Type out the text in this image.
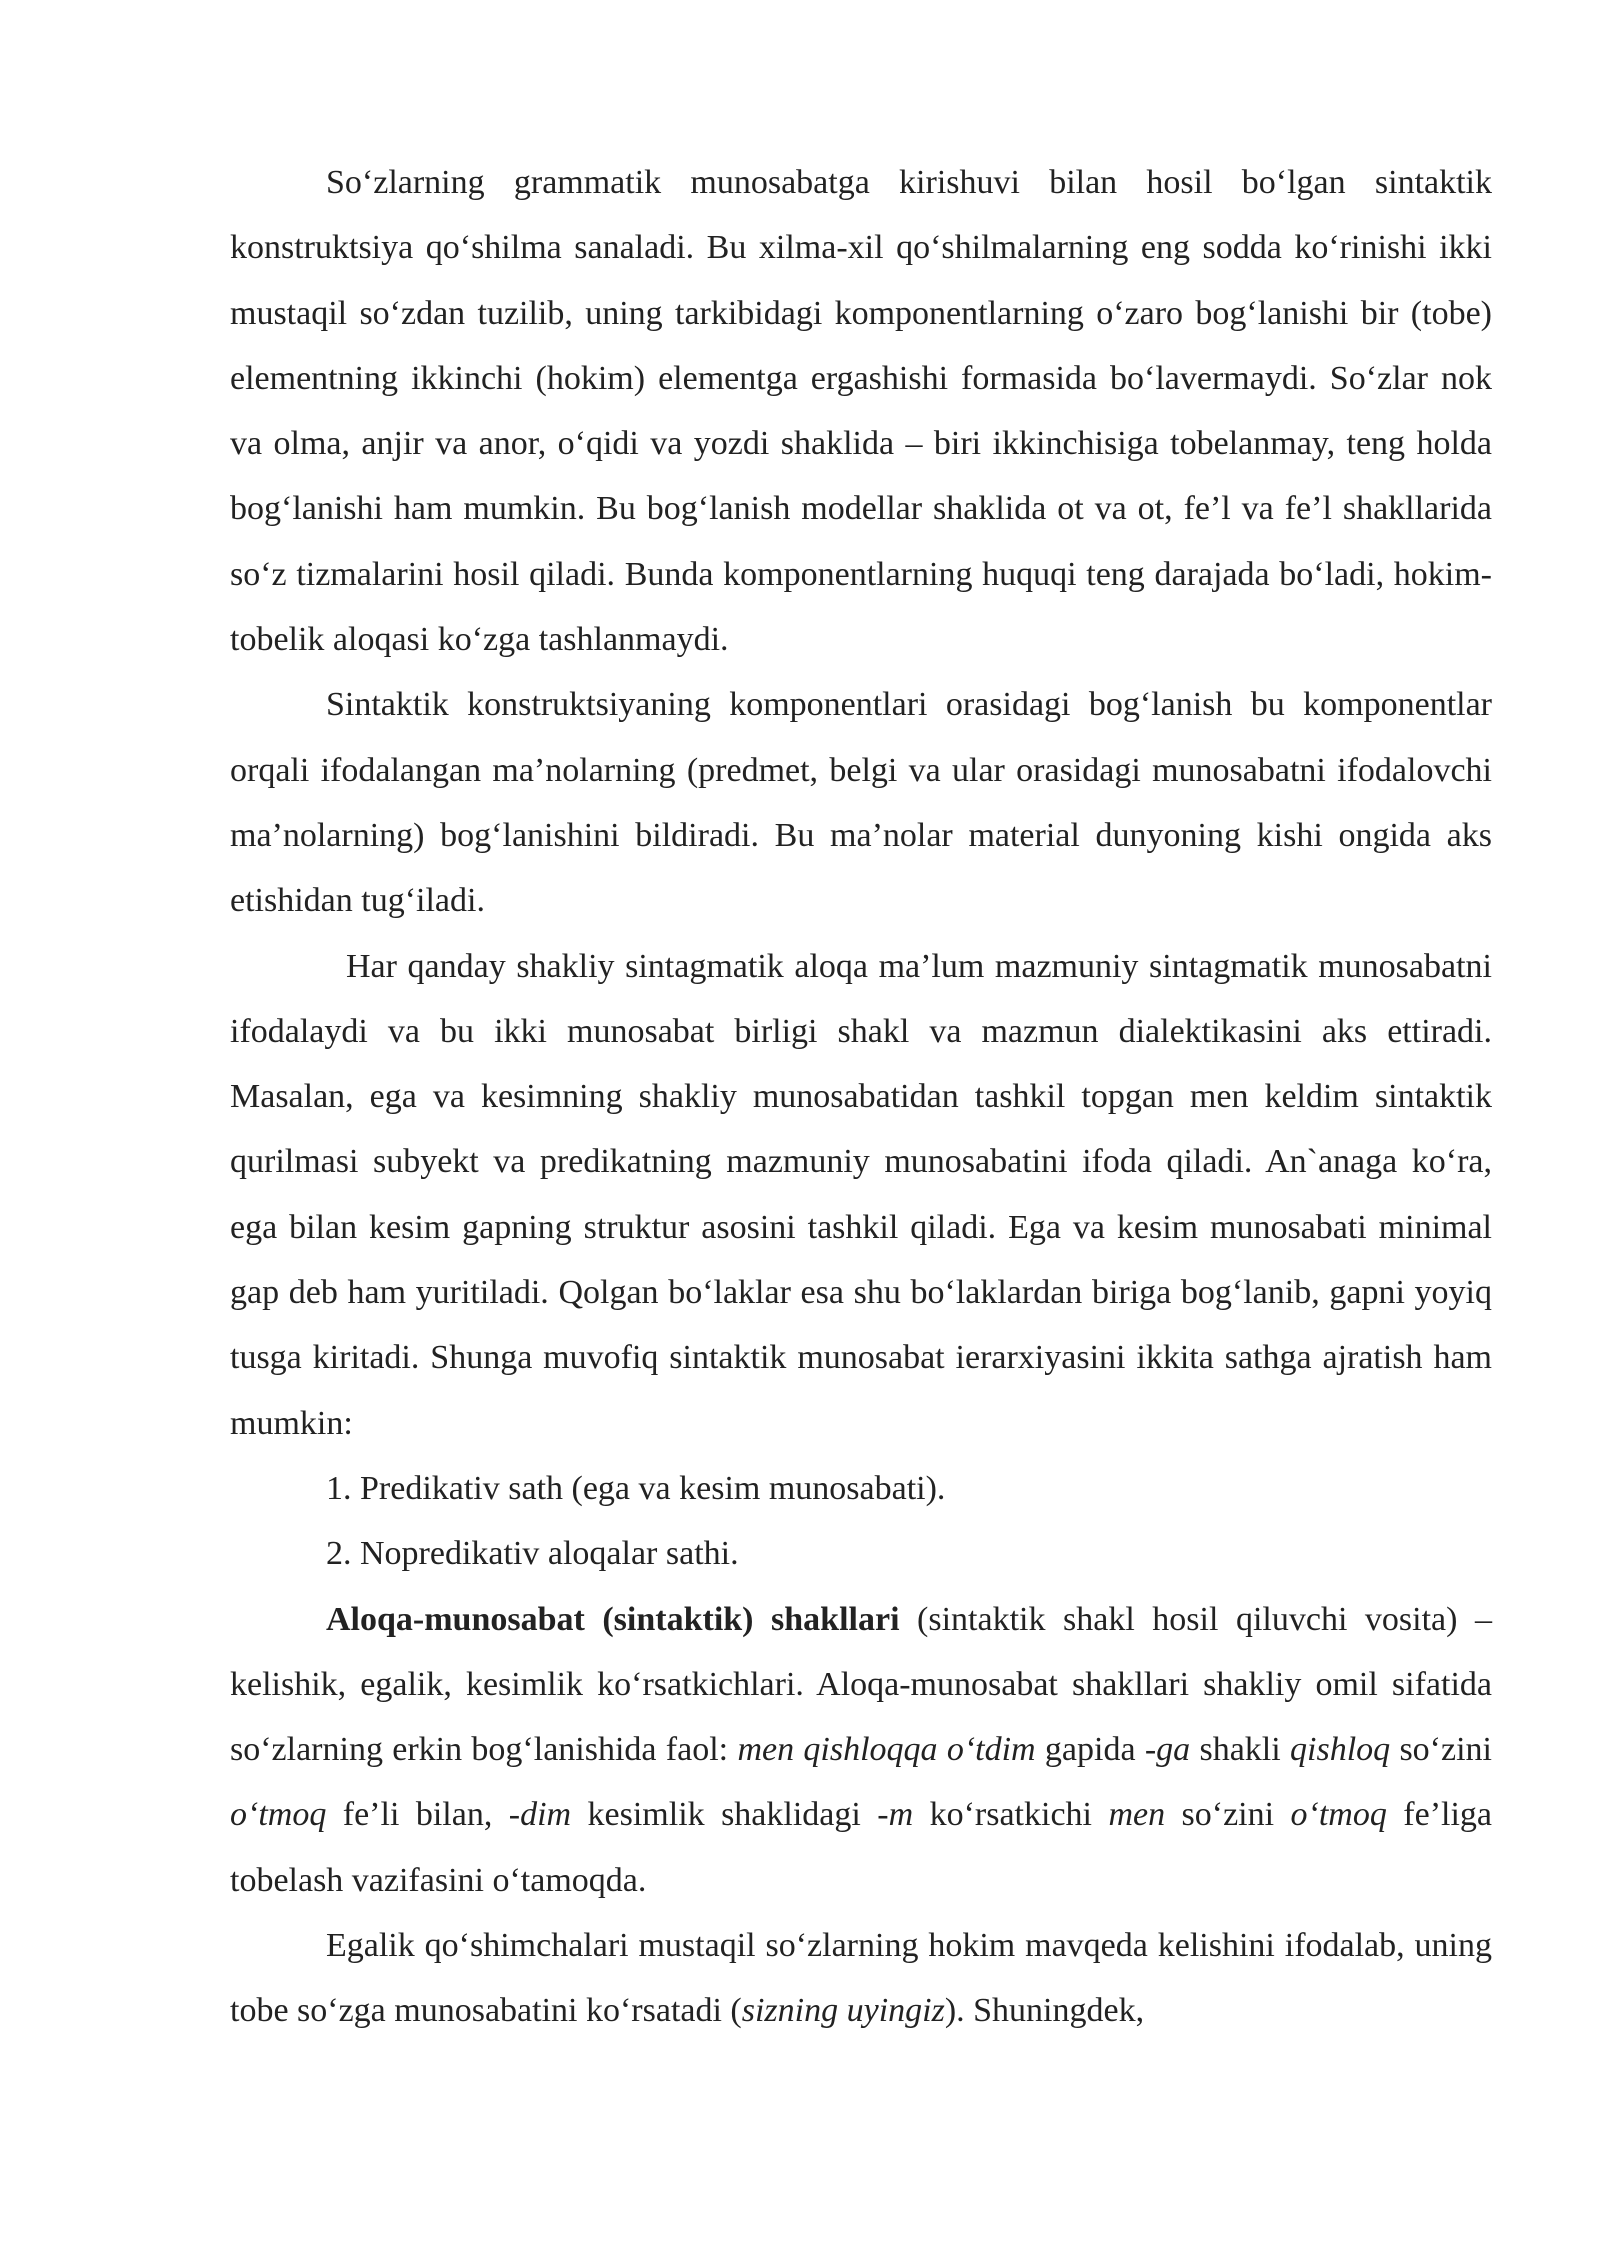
So‘zlarning grammatik munosabatga kirishuvi bilan hosil bo‘lgan sintaktik konstruktsiya qo‘shilma sanaladi. Bu xilma-xil qo‘shilmalarning eng sodda ko‘rinishi ikki mustaqil so‘zdan tuzilib, uning tarkibidagi komponentlarning o‘zaro bog‘lanishi bir (tobe) elementning ikkinchi (hokim) elementga ergashishi formasida bo‘lavermaydi. So‘zlar nok va olma, anjir va anor, o‘qidi va yozdi shaklida – biri ikkinchisiga tobelanmay, teng holda bog‘lanishi ham mumkin. Bu bog‘lanish modellar shaklida ot va ot, fe’l va fe’l shakllarida so‘z tizmalarini hosil qiladi. Bunda komponentlarning huquqi teng darajada bo‘ladi, hokim-tobelik aloqasi ko‘zga tashlanmaydi.

Sintaktik konstruktsiyaning komponentlari orasidagi bog‘lanish bu komponentlar orqali ifodalangan ma’nolarning (predmet, belgi va ular orasidagi munosabatni ifodalovchi ma’nolarning) bog‘lanishini bildiradi. Bu ma’nolar material dunyoning kishi ongida aks etishidan tug‘iladi.

Har qanday shakliy sintagmatik aloqa ma’lum mazmuniy sintagmatik munosabatni ifodalaydi va bu ikki munosabat birligi shakl va mazmun dialektikasini aks ettiradi. Masalan, ega va kesimning shakliy munosabatidan tashkil topgan men keldim sintaktik qurilmasi subyekt va predikatning mazmuniy munosabatini ifoda qiladi. An`anaga ko‘ra, ega bilan kesim gapning struktur asosini tashkil qiladi. Ega va kesim munosabati minimal gap deb ham yuritiladi. Qolgan bo‘laklar esa shu bo‘laklardan biriga bog‘lanib, gapni yoyiq tusga kiritadi. Shunga muvofiq sintaktik munosabat ierarxiyasini ikkita sathga ajratish ham mumkin:

1. Predikativ sath (ega va kesim munosabati).

2. Nopredikativ aloqalar sathi.

Aloqa-munosabat (sintaktik) shakllari (sintaktik shakl hosil qiluvchi vosita) – kelishik, egalik, kesimlik ko‘rsatkichlari. Aloqa-munosabat shakllari shakliy omil sifatida so‘zlarning erkin bog‘lanishida faol: men qishloqqa o‘tdim gapida -ga shakli qishloq so‘zini o‘tmoq fe’li bilan, -dim kesimlik shaklidagi -m ko‘rsatkichi men so‘zini o‘tmoq fe’liga tobelash vazifasini o‘tamoqda.

Egalik qo‘shimchalari mustaqil so‘zlarning hokim mavqeda kelishini ifodalab, uning tobe so‘zga munosabatini ko‘rsatadi (sizning uyingiz). Shuningdek,
